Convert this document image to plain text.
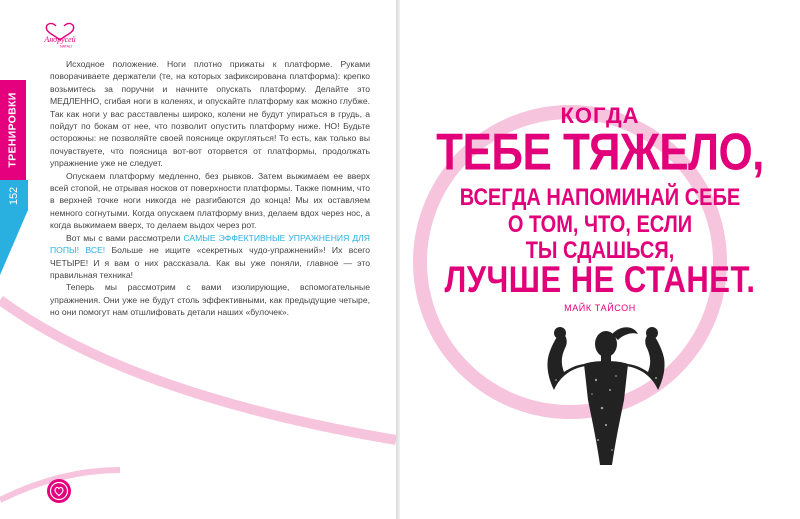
Андрусей
NATALI
ТРЕНИРОВКИ
152

Исходное положение. Ноги плотно прижаты к платформе. Руками поворачиваете держатели (те, на которых зафиксирована платформа): крепко возьмитесь за поручни и начните опускать платформу. Делайте это МЕДЛЕННО, сгибая ноги в коленях, и опускайте платформу как можно глубже. Так как ноги у вас расставлены широко, колени не будут упираться в грудь, а пойдут по бокам от нее, что позволит опустить платформу ниже. НО! Будьте осторожны: не позволяйте своей пояснице округляться! То есть, как только вы почувствуете, что поясница вот-вот оторвется от платформы, продолжать упражнение уже не следует.

Опускаем платформу медленно, без рывков. Затем выжимаем ее вверх всей стопой, не отрывая носков от поверхности платформы. Также помним, что в верхней точке ноги никогда не разгибаются до конца! Мы их оставляем немного согнутыми. Когда опускаем платформу вниз, делаем вдох через нос, а когда выжимаем вверх, то делаем выдох через рот.

Вот мы с вами рассмотрели САМЫЕ ЭФФЕКТИВНЫЕ УПРАЖНЕНИЯ ДЛЯ ПОПЫ! ВСЕ! Больше не ищите «секретных чудо-упражнений»! Их всего ЧЕТЫРЕ! И я вам о них рассказала. Как вы уже поняли, главное — это правильная техника!

Теперь мы рассмотрим с вами изолирующие, вспомогательные упражнения. Они уже не будут столь эффективными, как предыдущие четыре, но они помогут нам отшлифовать детали наших «булочек».

КОГДА
ТЕБЕ ТЯЖЕЛО,
ВСЕГДА НАПОМИНАЙ СЕБЕ
О ТОМ, ЧТО, ЕСЛИ
ТЫ СДАШЬСЯ,
ЛУЧШЕ НЕ СТАНЕТ.
МАЙК ТАЙСОН
